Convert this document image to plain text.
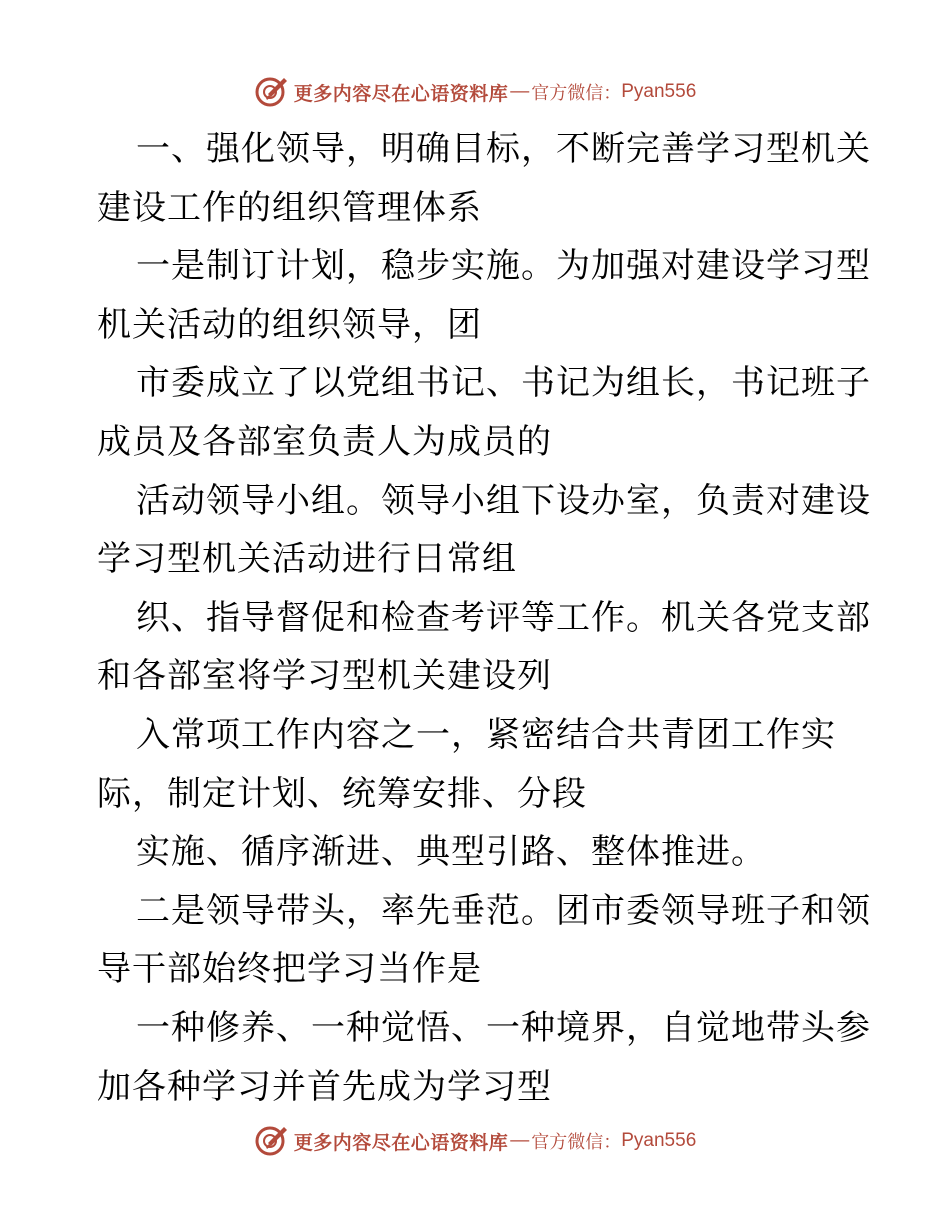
更多内容尽在心语资料库 — 官方微信： Pyan556
一、强化领导，明确目标，不断完善学习型机关
建设工作的组织管理体系
一是制订计划，稳步实施。为加强对建设学习型
机关活动的组织领导，团
市委成立了以党组书记、书记为组长，书记班子
成员及各部室负责人为成员的
活动领导小组。领导小组下设办室，负责对建设
学习型机关活动进行日常组
织、指导督促和检查考评等工作。机关各党支部
和各部室将学习型机关建设列
入常项工作内容之一，紧密结合共青团工作实
际，制定计划、统筹安排、分段
实施、循序渐进、典型引路、整体推进。
二是领导带头，率先垂范。团市委领导班子和领
导干部始终把学习当作是
一种修养、一种觉悟、一种境界，自觉地带头参
加各种学习并首先成为学习型
更多内容尽在心语资料库 — 官方微信： Pyan556
